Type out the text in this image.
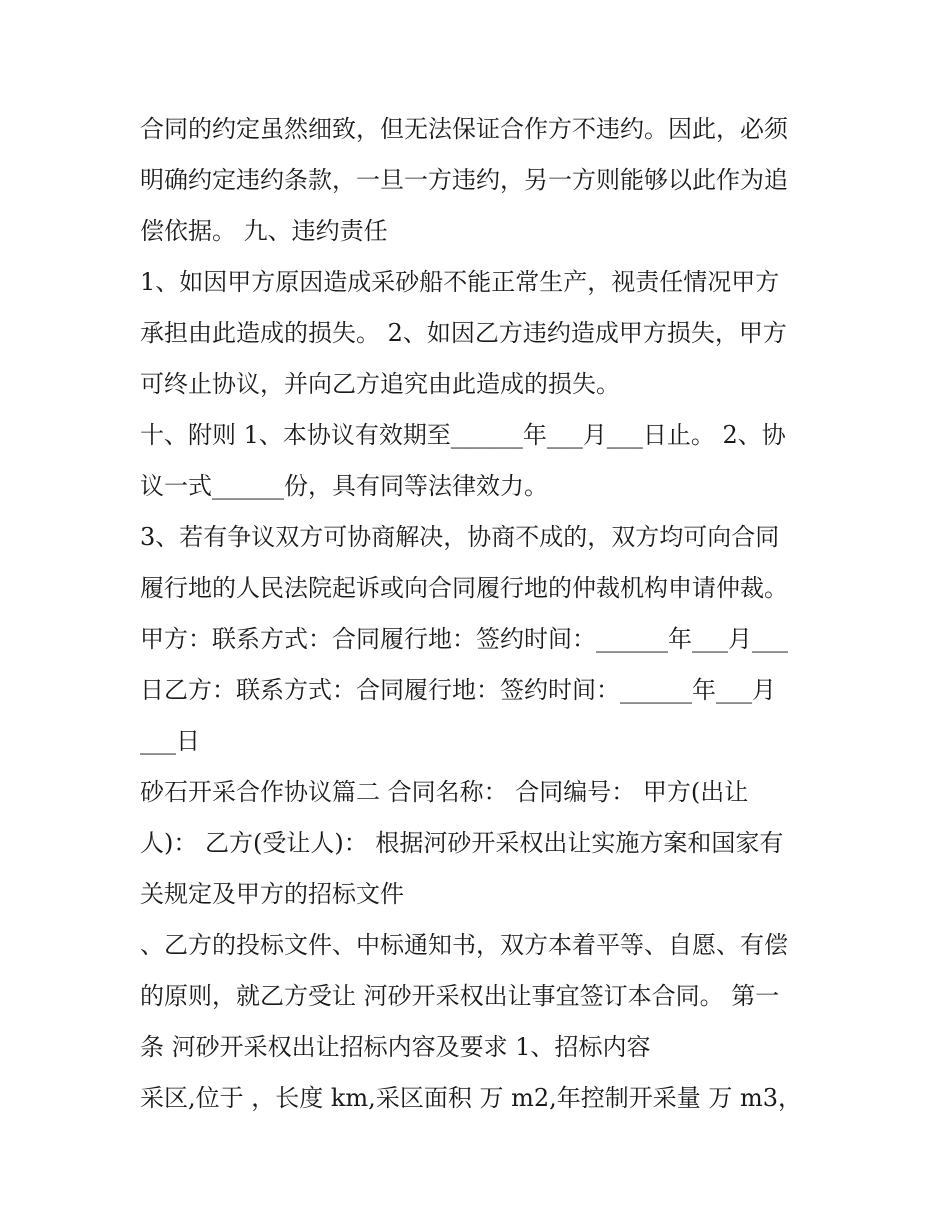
合同的约定虽然细致，但无法保证合作方不违约。因此，必须
明确约定违约条款，一旦一方违约，另一方则能够以此作为追
偿依据。 九、违约责任
1、如因甲方原因造成采砂船不能正常生产，视责任情况甲方
承担由此造成的损失。 2、如因乙方违约造成甲方损失，甲方
可终止协议，并向乙方追究由此造成的损失。
十、附则 1、本协议有效期至______年___月___日止。 2、协
议一式______份，具有同等法律效力。
3、若有争议双方可协商解决，协商不成的，双方均可向合同
履行地的人民法院起诉或向合同履行地的仲裁机构申请仲裁。
甲方：联系方式：合同履行地：签约时间：______年___月___
日乙方：联系方式：合同履行地：签约时间：______年___月
___日
砂石开采合作协议篇二 合同名称： 合同编号： 甲方(出让
人)： 乙方(受让人)： 根据河砂开采权出让实施方案和国家有
关规定及甲方的招标文件
、乙方的投标文件、中标通知书，双方本着平等、自愿、有偿
的原则，就乙方受让 河砂开采权出让事宜签订本合同。 第一
条 河砂开采权出让招标内容及要求 1、招标内容
采区,位于 ，长度 km,采区面积 万 m2,年控制开采量 万 m3，
